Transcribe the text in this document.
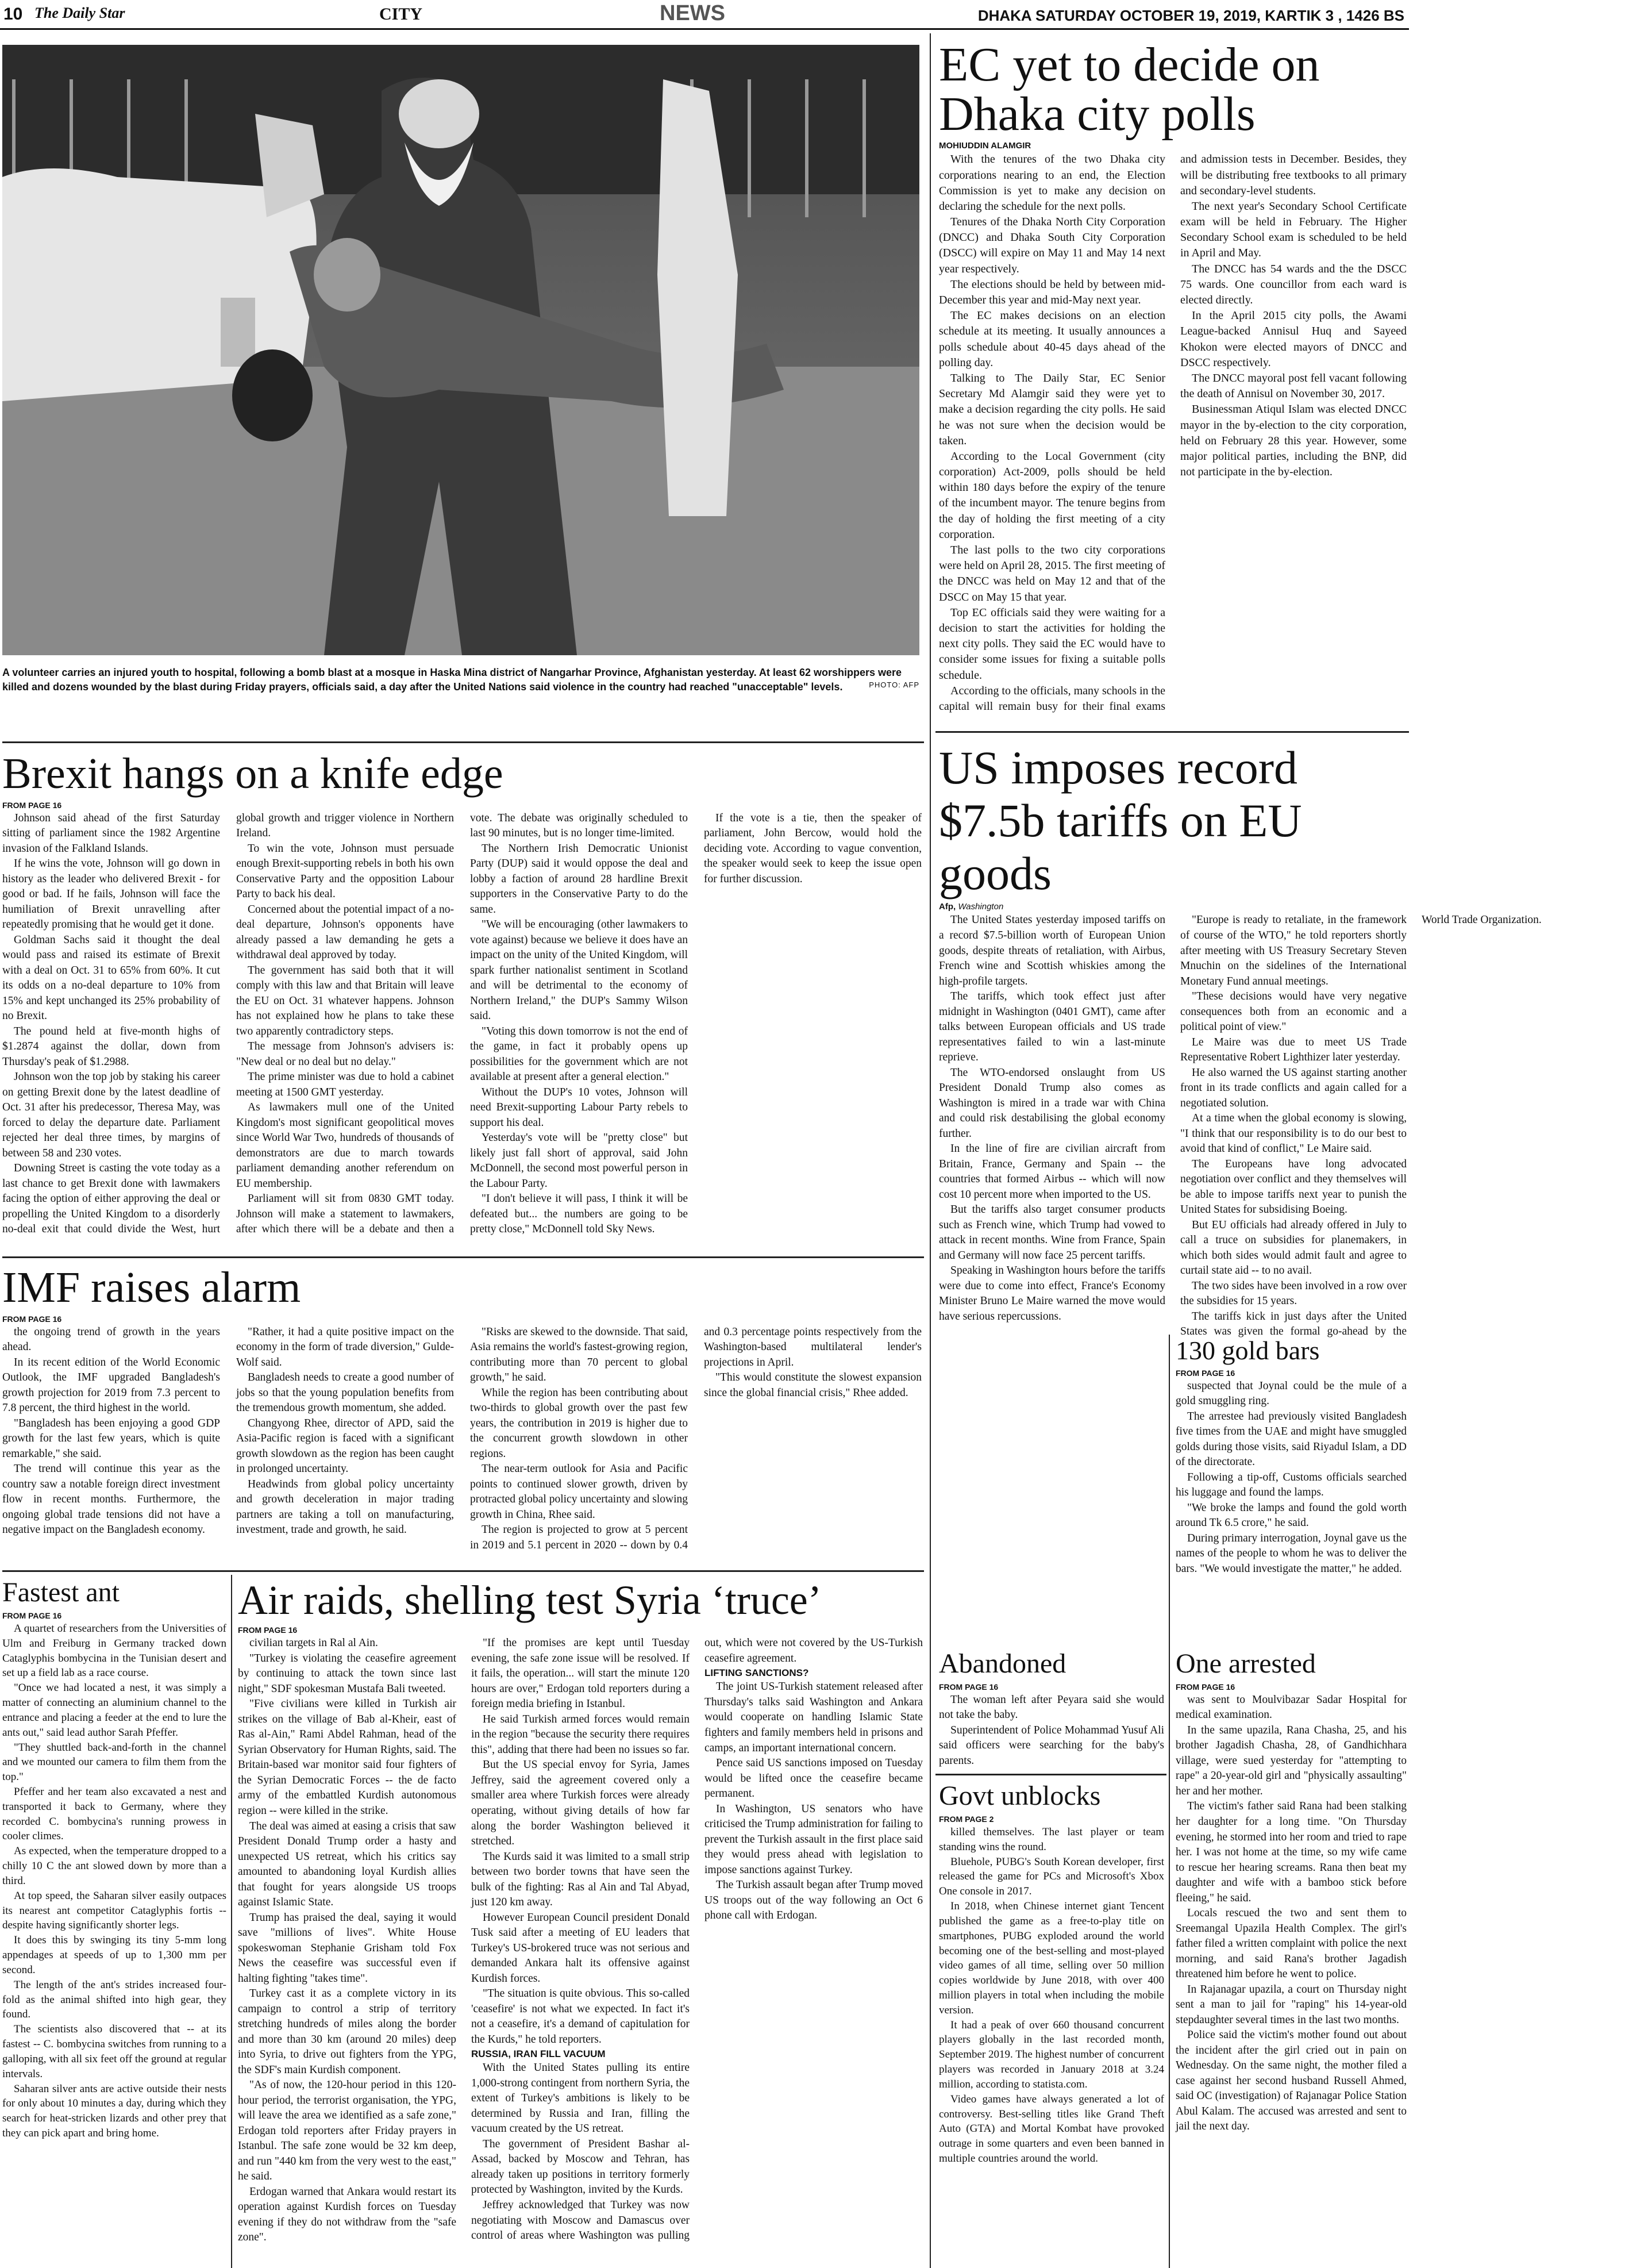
10 The Daily Star	CITY	NEWS	DHAKA SATURDAY OCTOBER 19, 2019, KARTIK 3 , 1426 BS
A volunteer carries an injured youth to hospital, following a bomb blast at a mosque in Haska Mina district of Nangarhar Province, Afghanistan yesterday. At least 62 worshippers were killed and dozens wounded by the blast during Friday prayers, officials said, a day after the United Nations said violence in the country had reached "unacceptable" levels.	PHOTO: AFP
EC yet to decide on Dhaka city polls
MOHIUDDIN ALAMGIR

With the tenures of the two Dhaka city corporations nearing to an end, the Election Commission is yet to make any decision on declaring the schedule for the next polls.

Tenures of the Dhaka North City Corporation (DNCC) and Dhaka South City Corporation (DSCC) will expire on May 11 and May 14 next year respectively.

The elections should be held by between mid-December this year and mid-May next year.

The EC makes decisions on an election schedule at its meeting. It usually announces a polls schedule about 40-45 days ahead of the polling day.

Talking to The Daily Star, EC Senior Secretary Md Alamgir said they were yet to make a decision regarding the city polls. He said he was not sure when the decision would be taken.

According to the Local Government (city corporation) Act-2009, polls should be held within 180 days before the expiry of the tenure of the incumbent mayor. The tenure begins from the day of holding the first meeting of a city corporation.

The last polls to the two city corporations were held on April 28, 2015. The first meeting of the DNCC was held on May 12 and that of the DSCC on May 15 that year.

Top EC officials said they were waiting for a decision to start the activities for holding the next city polls. They said the EC would have to consider some issues for fixing a suitable polls schedule.

According to the officials, many schools in the capital will remain busy for their final exams and admission tests in December. Besides, they will be distributing free textbooks to all primary and secondary-level students.

The next year's Secondary School Certificate exam will be held in February. The Higher Secondary School exam is scheduled to be held in April and May.

The DNCC has 54 wards and the the DSCC 75 wards. One councillor from each ward is elected directly.

In the April 2015 city polls, the Awami League-backed Annisul Huq and Sayeed Khokon were elected mayors of DNCC and DSCC respectively.

The DNCC mayoral post fell vacant following the death of Annisul on November 30, 2017.

Businessman Atiqul Islam was elected DNCC mayor in the by-election to the city corporation, held on February 28 this year. However, some major political parties, including the BNP, did not participate in the by-election.

Brexit hangs on a knife edge
FROM PAGE 16

Johnson said ahead of the first Saturday sitting of parliament since the 1982 Argentine invasion of the Falkland Islands.

If he wins the vote, Johnson will go down in history as the leader who delivered Brexit - for good or bad. If he fails, Johnson will face the humiliation of Brexit unravelling after repeatedly promising that he would get it done.

Goldman Sachs said it thought the deal would pass and raised its estimate of Brexit with a deal on Oct. 31 to 65% from 60%. It cut its odds on a no-deal departure to 10% from 15% and kept unchanged its 25% probability of no Brexit.

The pound held at five-month highs of $1.2874 against the dollar, down from Thursday's peak of $1.2988.

Johnson won the top job by staking his career on getting Brexit done by the latest deadline of Oct. 31 after his predecessor, Theresa May, was forced to delay the departure date. Parliament rejected her deal three times, by margins of between 58 and 230 votes.

Downing Street is casting the vote today as a last chance to get Brexit done with lawmakers facing the option of either approving the deal or propelling the United Kingdom to a disorderly no-deal exit that could divide the West, hurt global growth and trigger violence in Northern Ireland.

To win the vote, Johnson must persuade enough Brexit-supporting rebels in both his own Conservative Party and the opposition Labour Party to back his deal.

Concerned about the potential impact of a no-deal departure, Johnson's opponents have already passed a law demanding he gets a withdrawal deal approved by today.

The government has said both that it will comply with this law and that Britain will leave the EU on Oct. 31 whatever happens. Johnson has not explained how he plans to take these two apparently contradictory steps.

The message from Johnson's advisers is: "New deal or no deal but no delay."

The prime minister was due to hold a cabinet meeting at 1500 GMT yesterday.

As lawmakers mull one of the United Kingdom's most significant geopolitical moves since World War Two, hundreds of thousands of demonstrators are due to march towards parliament demanding another referendum on EU membership.

Parliament will sit from 0830 GMT today. Johnson will make a statement to lawmakers, after which there will be a debate and then a vote. The debate was originally scheduled to last 90 minutes, but is no longer time-limited.

The Northern Irish Democratic Unionist Party (DUP) said it would oppose the deal and lobby a faction of around 28 hardline Brexit supporters in the Conservative Party to do the same.

"We will be encouraging (other lawmakers to vote against) because we believe it does have an impact on the unity of the United Kingdom, will spark further nationalist sentiment in Scotland and will be detrimental to the economy of Northern Ireland," the DUP's Sammy Wilson said.

"Voting this down tomorrow is not the end of the game, in fact it probably opens up possibilities for the government which are not available at present after a general election."

Without the DUP's 10 votes, Johnson will need Brexit-supporting Labour Party rebels to support his deal.

Yesterday's vote will be "pretty close" but likely just fall short of approval, said John McDonnell, the second most powerful person in the Labour Party.

"I don't believe it will pass, I think it will be defeated but... the numbers are going to be pretty close," McDonnell told Sky News.

If the vote is a tie, then the speaker of parliament, John Bercow, would hold the deciding vote. According to vague convention, the speaker would seek to keep the issue open for further discussion.

US imposes record $7.5b tariffs on EU goods
Afp, Washington

The United States yesterday imposed tariffs on a record $7.5-billion worth of European Union goods, despite threats of retaliation, with Airbus, French wine and Scottish whiskies among the high-profile targets.

The tariffs, which took effect just after midnight in Washington (0401 GMT), came after talks between European officials and US trade representatives failed to win a last-minute reprieve.

The WTO-endorsed onslaught from US President Donald Trump also comes as Washington is mired in a trade war with China and could risk destabilising the global economy further.

In the line of fire are civilian aircraft from Britain, France, Germany and Spain -- the countries that formed Airbus -- which will now cost 10 percent more when imported to the US.

But the tariffs also target consumer products such as French wine, which Trump had vowed to attack in recent months. Wine from France, Spain and Germany will now face 25 percent tariffs.

Speaking in Washington hours before the tariffs were due to come into effect, France's Economy Minister Bruno Le Maire warned the move would have serious repercussions.

"Europe is ready to retaliate, in the framework of course of the WTO," he told reporters shortly after meeting with US Treasury Secretary Steven Mnuchin on the sidelines of the International Monetary Fund annual meetings.

"These decisions would have very negative consequences both from an economic and a political point of view."

Le Maire was due to meet US Trade Representative Robert Lighthizer later yesterday.

He also warned the US against starting another front in its trade conflicts and again called for a negotiated solution.

At a time when the global economy is slowing, "I think that our responsibility is to do our best to avoid that kind of conflict," Le Maire said.

The Europeans have long advocated negotiation over conflict and they themselves will be able to impose tariffs next year to punish the United States for subsidising Boeing.

But EU officials had already offered in July to call a truce on subsidies for planemakers, in which both sides would admit fault and agree to curtail state aid -- to no avail.

The two sides have been involved in a row over the subsidies for 15 years.

The tariffs kick in just days after the United States was given the formal go-ahead by the World Trade Organization.

IMF raises alarm
FROM PAGE 16

the ongoing trend of growth in the years ahead.

In its recent edition of the World Economic Outlook, the IMF upgraded Bangladesh's growth projection for 2019 from 7.3 percent to 7.8 percent, the third highest in the world.

"Bangladesh has been enjoying a good GDP growth for the last few years, which is quite remarkable," she said.

The trend will continue this year as the country saw a notable foreign direct investment flow in recent months. Furthermore, the ongoing global trade tensions did not have a negative impact on the Bangladesh economy.

"Rather, it had a quite positive impact on the economy in the form of trade diversion," Gulde-Wolf said.

Bangladesh needs to create a good number of jobs so that the young population benefits from the tremendous growth momentum, she added.

Changyong Rhee, director of APD, said the Asia-Pacific region is faced with a significant growth slowdown as the region has been caught in prolonged uncertainty.

Headwinds from global policy uncertainty and growth deceleration in major trading partners are taking a toll on manufacturing, investment, trade and growth, he said.

"Risks are skewed to the downside. That said, Asia remains the world's fastest-growing region, contributing more than 70 percent to global growth," he said.

While the region has been contributing about two-thirds to global growth over the past few years, the contribution in 2019 is higher due to the concurrent growth slowdown in other regions.

The near-term outlook for Asia and Pacific points to continued slower growth, driven by protracted global policy uncertainty and slowing growth in China, Rhee said.

The region is projected to grow at 5 percent in 2019 and 5.1 percent in 2020 -- down by 0.4 and 0.3 percentage points respectively from the Washington-based multilateral lender's projections in April.

"This would constitute the slowest expansion since the global financial crisis," Rhee added.

130 gold bars
FROM PAGE 16

suspected that Joynal could be the mule of a gold smuggling ring.

The arrestee had previously visited Bangladesh five times from the UAE and might have smuggled golds during those visits, said Riyadul Islam, a DD of the directorate.

Following a tip-off, Customs officials searched his luggage and found the lamps.

"We broke the lamps and found the gold worth around Tk 6.5 crore," he said.

During primary interrogation, Joynal gave us the names of the people to whom he was to deliver the bars. "We would investigate the matter," he added.

Fastest ant
FROM PAGE 16

A quartet of researchers from the Universities of Ulm and Freiburg in Germany tracked down Cataglyphis bombycina in the Tunisian desert and set up a field lab as a race course.

"Once we had located a nest, it was simply a matter of connecting an aluminium channel to the entrance and placing a feeder at the end to lure the ants out," said lead author Sarah Pfeffer.

"They shuttled back-and-forth in the channel and we mounted our camera to film them from the top."

Pfeffer and her team also excavated a nest and transported it back to Germany, where they recorded C. bombycina's running prowess in cooler climes.

As expected, when the temperature dropped to a chilly 10 C the ant slowed down by more than a third.

At top speed, the Saharan silver easily outpaces its nearest ant competitor Cataglyphis fortis -- despite having significantly shorter legs.

It does this by swinging its tiny 5-mm long appendages at speeds of up to 1,300 mm per second.

The length of the ant's strides increased four-fold as the animal shifted into high gear, they found.

The scientists also discovered that -- at its fastest -- C. bombycina switches from running to a galloping, with all six feet off the ground at regular intervals.

Saharan silver ants are active outside their nests for only about 10 minutes a day, during which they search for heat-stricken lizards and other prey that they can pick apart and bring home.

Air raids, shelling test Syria ‘truce’
FROM PAGE 16

civilian targets in Ral al Ain.

"Turkey is violating the ceasefire agreement by continuing to attack the town since last night," SDF spokesman Mustafa Bali tweeted.

"Five civilians were killed in Turkish air strikes on the village of Bab al-Kheir, east of Ras al-Ain," Rami Abdel Rahman, head of the Syrian Observatory for Human Rights, said. The Britain-based war monitor said four fighters of the Syrian Democratic Forces -- the de facto army of the embattled Kurdish autonomous region -- were killed in the strike.

The deal was aimed at easing a crisis that saw President Donald Trump order a hasty and unexpected US retreat, which his critics say amounted to abandoning loyal Kurdish allies that fought for years alongside US troops against Islamic State.

Trump has praised the deal, saying it would save "millions of lives". White House spokeswoman Stephanie Grisham told Fox News the ceasefire was successful even if halting fighting "takes time".

Turkey cast it as a complete victory in its campaign to control a strip of territory stretching hundreds of miles along the border and more than 30 km (around 20 miles) deep into Syria, to drive out fighters from the YPG, the SDF's main Kurdish component.

"As of now, the 120-hour period in this 120-hour period, the terrorist organisation, the YPG, will leave the area we identified as a safe zone," Erdogan told reporters after Friday prayers in Istanbul. The safe zone would be 32 km deep, and run "440 km from the very west to the east," he said.

Erdogan warned that Ankara would restart its operation against Kurdish forces on Tuesday evening if they do not withdraw from the "safe zone".

"If the promises are kept until Tuesday evening, the safe zone issue will be resolved. If it fails, the operation... will start the minute 120 hours are over," Erdogan told reporters during a foreign media briefing in Istanbul.

He said Turkish armed forces would remain in the region "because the security there requires this", adding that there had been no issues so far.

But the US special envoy for Syria, James Jeffrey, said the agreement covered only a smaller area where Turkish forces were already operating, without giving details of how far along the border Washington believed it stretched.

The Kurds said it was limited to a small strip between two border towns that have seen the bulk of the fighting: Ras al Ain and Tal Abyad, just 120 km away.

However European Council president Donald Tusk said after a meeting of EU leaders that Turkey's US-brokered truce was not serious and demanded Ankara halt its offensive against Kurdish forces.

"The situation is quite obvious. This so-called 'ceasefire' is not what we expected. In fact it's not a ceasefire, it's a demand of capitulation for the Kurds," he told reporters.

RUSSIA, IRAN FILL VACUUM

With the United States pulling its entire 1,000-strong contingent from northern Syria, the extent of Turkey's ambitions is likely to be determined by Russia and Iran, filling the vacuum created by the US retreat.

The government of President Bashar al-Assad, backed by Moscow and Tehran, has already taken up positions in territory formerly protected by Washington, invited by the Kurds.

Jeffrey acknowledged that Turkey was now negotiating with Moscow and Damascus over control of areas where Washington was pulling out, which were not covered by the US-Turkish ceasefire agreement.

LIFTING SANCTIONS?

The joint US-Turkish statement released after Thursday's talks said Washington and Ankara would cooperate on handling Islamic State fighters and family members held in prisons and camps, an important international concern.

Pence said US sanctions imposed on Tuesday would be lifted once the ceasefire became permanent.

In Washington, US senators who have criticised the Trump administration for failing to prevent the Turkish assault in the first place said they would press ahead with legislation to impose sanctions against Turkey.

The Turkish assault began after Trump moved US troops out of the way following an Oct 6 phone call with Erdogan.

Abandoned
FROM PAGE 16

The woman left after Peyara said she would not take the baby.

Superintendent of Police Mohammad Yusuf Ali said officers were searching for the baby's parents.

Govt unblocks
FROM PAGE 2

killed themselves. The last player or team standing wins the round.

Bluehole, PUBG's South Korean developer, first released the game for PCs and Microsoft's Xbox One console in 2017.

In 2018, when Chinese internet giant Tencent published the game as a free-to-play title on smartphones, PUBG exploded around the world becoming one of the best-selling and most-played video games of all time, selling over 50 million copies worldwide by June 2018, with over 400 million players in total when including the mobile version.

It had a peak of over 660 thousand concurrent players globally in the last recorded month, September 2019. The highest number of concurrent players was recorded in January 2018 at 3.24 million, according to statista.com.

Video games have always generated a lot of controversy. Best-selling titles like Grand Theft Auto (GTA) and Mortal Kombat have provoked outrage in some quarters and even been banned in multiple countries around the world.

One arrested
FROM PAGE 16

was sent to Moulvibazar Sadar Hospital for medical examination.

In the same upazila, Rana Chasha, 25, and his brother Jagadish Chasha, 28, of Gandhichhara village, were sued yesterday for "attempting to rape" a 20-year-old girl and "physically assaulting" her and her mother.

The victim's father said Rana had been stalking her daughter for a long time. "On Thursday evening, he stormed into her room and tried to rape her. I was not home at the time, so my wife came to rescue her hearing screams. Rana then beat my daughter and wife with a bamboo stick before fleeing," he said.

Locals rescued the two and sent them to Sreemangal Upazila Health Complex. The girl's father filed a written complaint with police the next morning, and said Rana's brother Jagadish threatened him before he went to police.

In Rajanagar upazila, a court on Thursday night sent a man to jail for "raping" his 14-year-old stepdaughter several times in the last two months.

Police said the victim's mother found out about the incident after the girl cried out in pain on Wednesday. On the same night, the mother filed a case against her second husband Russell Ahmed, said OC (investigation) of Rajanagar Police Station Abul Kalam. The accused was arrested and sent to jail the next day.
